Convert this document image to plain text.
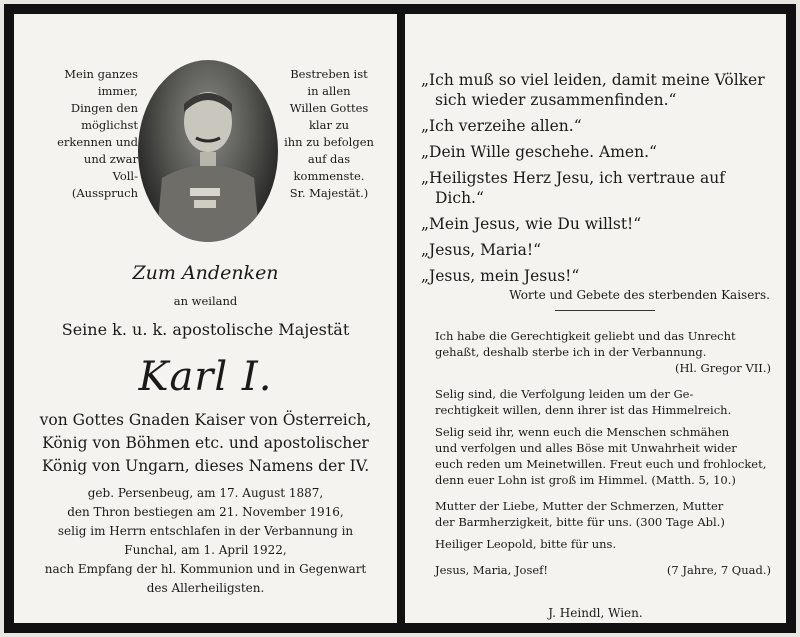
Mein ganzes
immer,
Dingen den
möglichst
erkennen und
und zwar
Voll-
(Ausspruch
Bestreben ist
in allen
Willen Gottes
klar zu
ihn zu befolgen
auf das
kommenste.
Sr. Majestät.)
Zum Andenken
an weiland
Seine k. u. k. apostolische Majestät
Karl I.
von Gottes Gnaden Kaiser von Österreich,
König von Böhmen etc. und apostolischer
König von Ungarn, dieses Namens der IV.
geb. Persenbeug, am 17. August 1887,
den Thron bestiegen am 21. November 1916,
selig im Herrn entschlafen in der Verbannung in
Funchal, am 1. April 1922,
nach Empfang der hl. Kommunion und in Gegenwart
des Allerheiligsten.
„Ich muß so viel leiden, damit meine Völker
sich wieder zusammenfinden.“
„Ich verzeihe allen.“
„Dein Wille geschehe. Amen.“
„Heiligstes Herz Jesu, ich vertraue auf
Dich.“
„Mein Jesus, wie Du willst!“
„Jesus, Maria!“
„Jesus, mein Jesus!“
Worte und Gebete des sterbenden Kaisers.
Ich habe die Gerechtigkeit geliebt und das Unrecht
gehaßt, deshalb sterbe ich in der Verbannung.
(Hl. Gregor VII.)
Selig sind, die Verfolgung leiden um der Ge-
rechtigkeit willen, denn ihrer ist das Himmelreich.
Selig seid ihr, wenn euch die Menschen schmähen
und verfolgen und alles Böse mit Unwahrheit wider
euch reden um Meinetwillen. Freut euch und frohlocket,
denn euer Lohn ist groß im Himmel. (Matth. 5, 10.)
Mutter der Liebe, Mutter der Schmerzen, Mutter
der Barmherzigkeit, bitte für uns. (300 Tage Abl.)
Heiliger Leopold, bitte für uns.
Jesus, Maria, Josef!	(7 Jahre, 7 Quad.)
J. Heindl, Wien.
